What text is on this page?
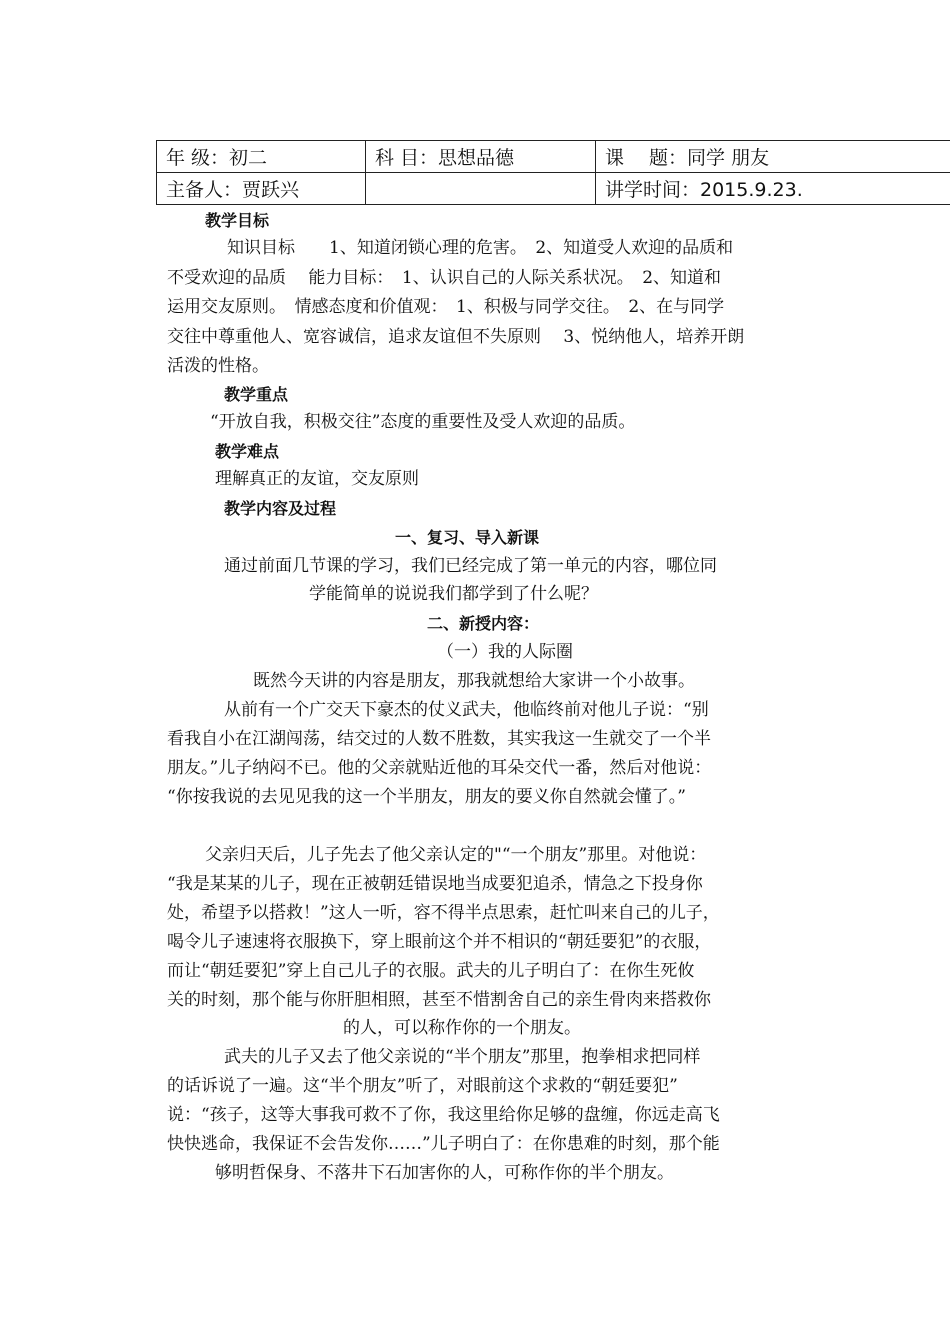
年 级：初二	科 目：思想品德	课　 题：同学 朋友
主备人：贾跃兴		讲学时间：2015.9.23.
教学目标
知识目标　　1、知道闭锁心理的危害。　2、知道受人欢迎的品质和
不受欢迎的品质　 能力目标：　1、认识自己的人际关系状况。　2、知道和
运用交友原则。　情感态度和价值观：　1、积极与同学交往。　2、在与同学
交往中尊重他人、宽容诚信，追求友谊但不失原则　 3、悦纳他人，培养开朗
活泼的性格。
教学重点
“开放自我，积极交往”态度的重要性及受人欢迎的品质。
教学难点
理解真正的友谊，交友原则
教学内容及过程
一、复习、导入新课
通过前面几节课的学习，我们已经完成了第一单元的内容，哪位同
学能简单的说说我们都学到了什么呢？
二、新授内容：
（一）我的人际圈
既然今天讲的内容是朋友，那我就想给大家讲一个小故事。
从前有一个广交天下豪杰的仗义武夫，他临终前对他儿子说：“别
看我自小在江湖闯荡，结交过的人数不胜数，其实我这一生就交了一个半
朋友。”儿子纳闷不已。他的父亲就贴近他的耳朵交代一番，然后对他说：
“你按我说的去见见我的这一个半朋友，朋友的要义你自然就会懂了。”
父亲归天后，儿子先去了他父亲认定的"“一个朋友”那里。对他说：
“我是某某的儿子，现在正被朝廷错误地当成要犯追杀，情急之下投身你
处，希望予以搭救！”这人一听，容不得半点思索，赶忙叫来自己的儿子，
喝令儿子速速将衣服换下，穿上眼前这个并不相识的“朝廷要犯”的衣服，
而让“朝廷要犯”穿上自己儿子的衣服。武夫的儿子明白了：在你生死攸
关的时刻，那个能与你肝胆相照，甚至不惜割舍自己的亲生骨肉来搭救你
的人，可以称作你的一个朋友。
武夫的儿子又去了他父亲说的“半个朋友”那里，抱拳相求把同样
的话诉说了一遍。这“半个朋友”听了，对眼前这个求救的“朝廷要犯”
说：“孩子，这等大事我可救不了你，我这里给你足够的盘缠，你远走高飞
快快逃命，我保证不会告发你……”儿子明白了：在你患难的时刻，那个能
够明哲保身、不落井下石加害你的人，可称作你的半个朋友。
